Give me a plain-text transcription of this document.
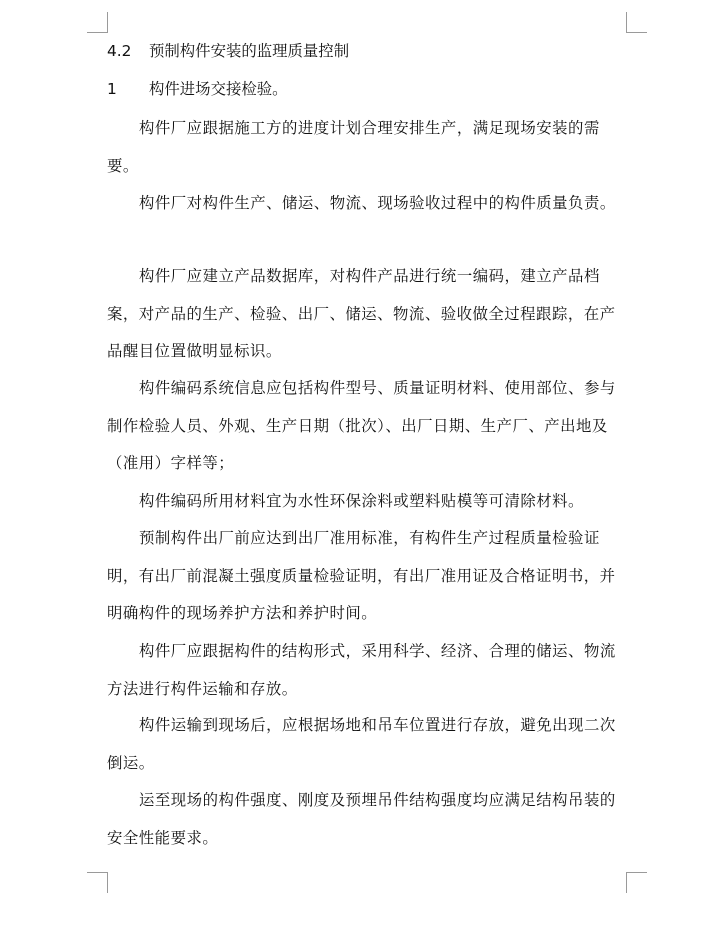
4.2 预制构件安装的监理质量控制
1 构件进场交接检验。

构件厂应跟据施工方的进度计划合理安排生产，满足现场安装的需要。

构件厂对构件生产、储运、物流、现场验收过程中的构件质量负责。

构件厂应建立产品数据库，对构件产品进行统一编码，建立产品档案，对产品的生产、检验、出厂、储运、物流、验收做全过程跟踪，在产品醒目位置做明显标识。

构件编码系统信息应包括构件型号、质量证明材料、使用部位、参与制作检验人员、外观、生产日期（批次）、出厂日期、生产厂、产出地及（准用）字样等；

构件编码所用材料宜为水性环保涂料或塑料贴模等可清除材料。

预制构件出厂前应达到出厂准用标准，有构件生产过程质量检验证明，有出厂前混凝土强度质量检验证明，有出厂准用证及合格证明书，并明确构件的现场养护方法和养护时间。

构件厂应跟据构件的结构形式，采用科学、经济、合理的储运、物流方法进行构件运输和存放。

构件运输到现场后，应根据场地和吊车位置进行存放，避免出现二次倒运。

运至现场的构件强度、刚度及预埋吊件结构强度均应满足结构吊装的安全性能要求。
